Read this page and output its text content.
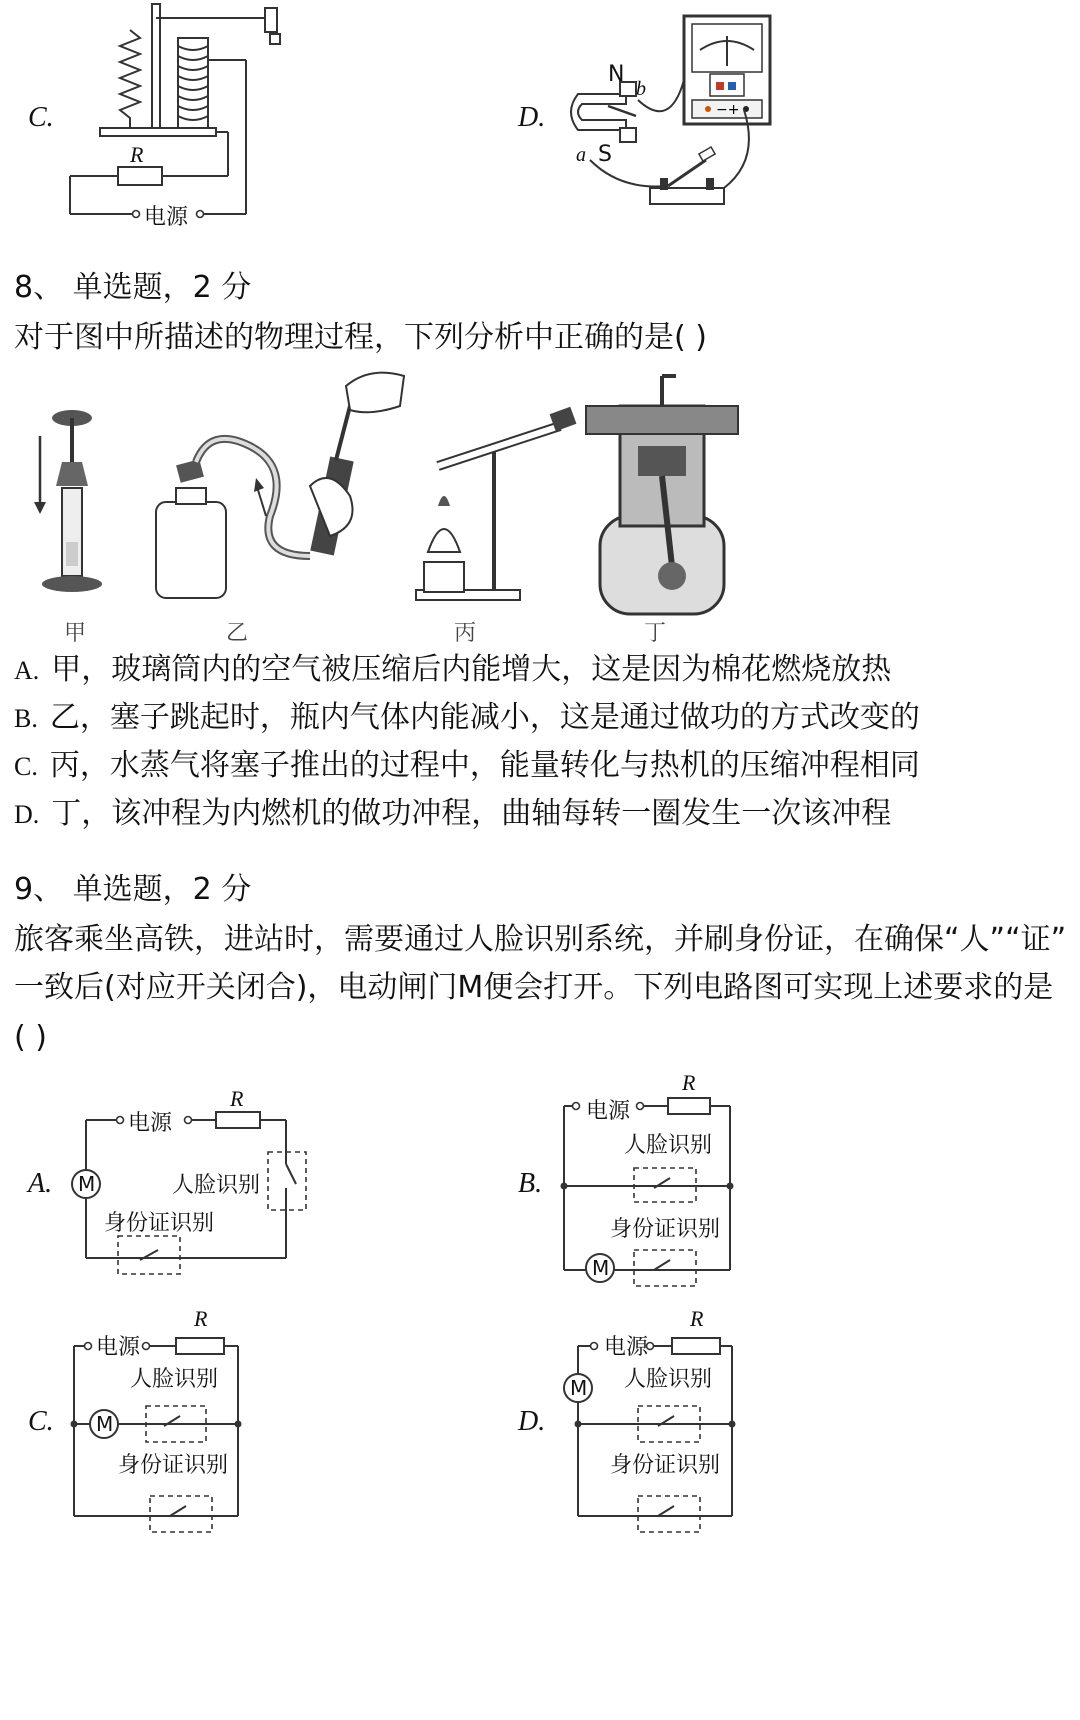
C.
R
电源
D.	−+
N
S
a
b
8、 单选题，2 分
对于图中所描述的物理过程，下列分析中正确的是( )
甲	乙	丙	丁
A. 甲，玻璃筒内的空气被压缩后内能增大，这是因为棉花燃烧放热
B. 乙，塞子跳起时，瓶内气体内能减小，这是通过做功的方式改变的
C. 丙，水蒸气将塞子推出的过程中，能量转化与热机的压缩冲程相同
D. 丁，该冲程为内燃机的做功冲程，曲轴每转一圈发生一次该冲程
9、 单选题，2 分
旅客乘坐高铁，进站时，需要通过人脸识别系统，并刷身份证，在确保“人”“证”
一致后(对应开关闭合)，电动闸门M便会打开。下列电路图可实现上述要求的是
( )
A.
电源
R
M	人脸识别
身份证识别
B.
电源
R
人脸识别
身份证识别
M
C.
电源
R
M
人脸识别
身份证识别
D.
电源
R
M 人脸识别
身份证识别
